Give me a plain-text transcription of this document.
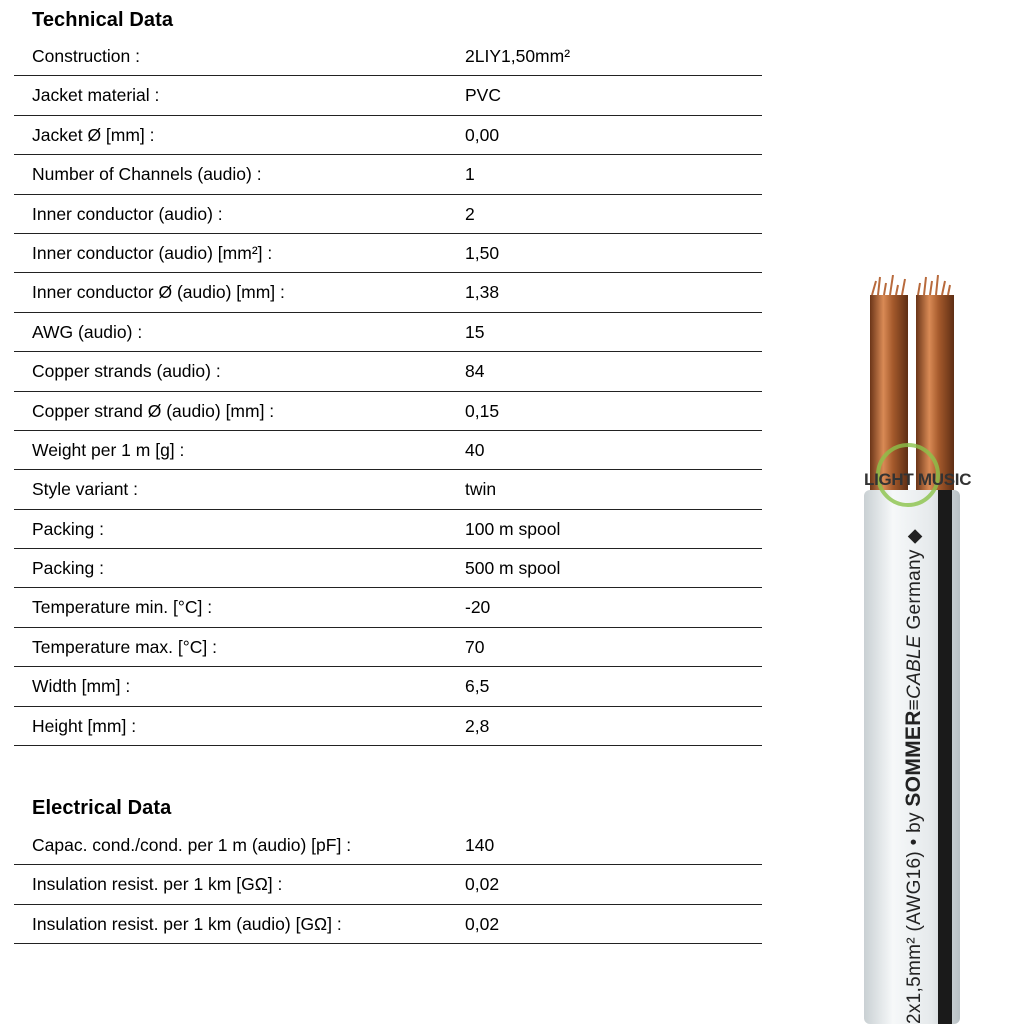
Technical Data
Construction :	2LIY1,50mm²
Jacket material :	PVC
Jacket Ø [mm] :	0,00
Number of Channels (audio) :	1
Inner conductor (audio) :	2
Inner conductor (audio) [mm²] :	1,50
Inner conductor Ø (audio) [mm] :	1,38
AWG (audio) :	15
Copper strands (audio) :	84
Copper strand Ø (audio) [mm] :	0,15
Weight per 1 m [g] :	40
Style variant :	twin
Packing :	100 m spool
Packing :	500 m spool
Temperature min. [°C] :	-20
Temperature max. [°C] :	70
Width [mm] :	6,5
Height [mm] :	2,8
Electrical Data
Capac. cond./cond. per 1 m (audio) [pF] :	140
Insulation resist. per 1 km [GΩ] :	0,02
Insulation resist. per 1 km (audio) [GΩ] :	0,02
LIGHT MUSIC
2x1,5mm² (AWG16) • by SOMMER≡CABLE Germany ◆
